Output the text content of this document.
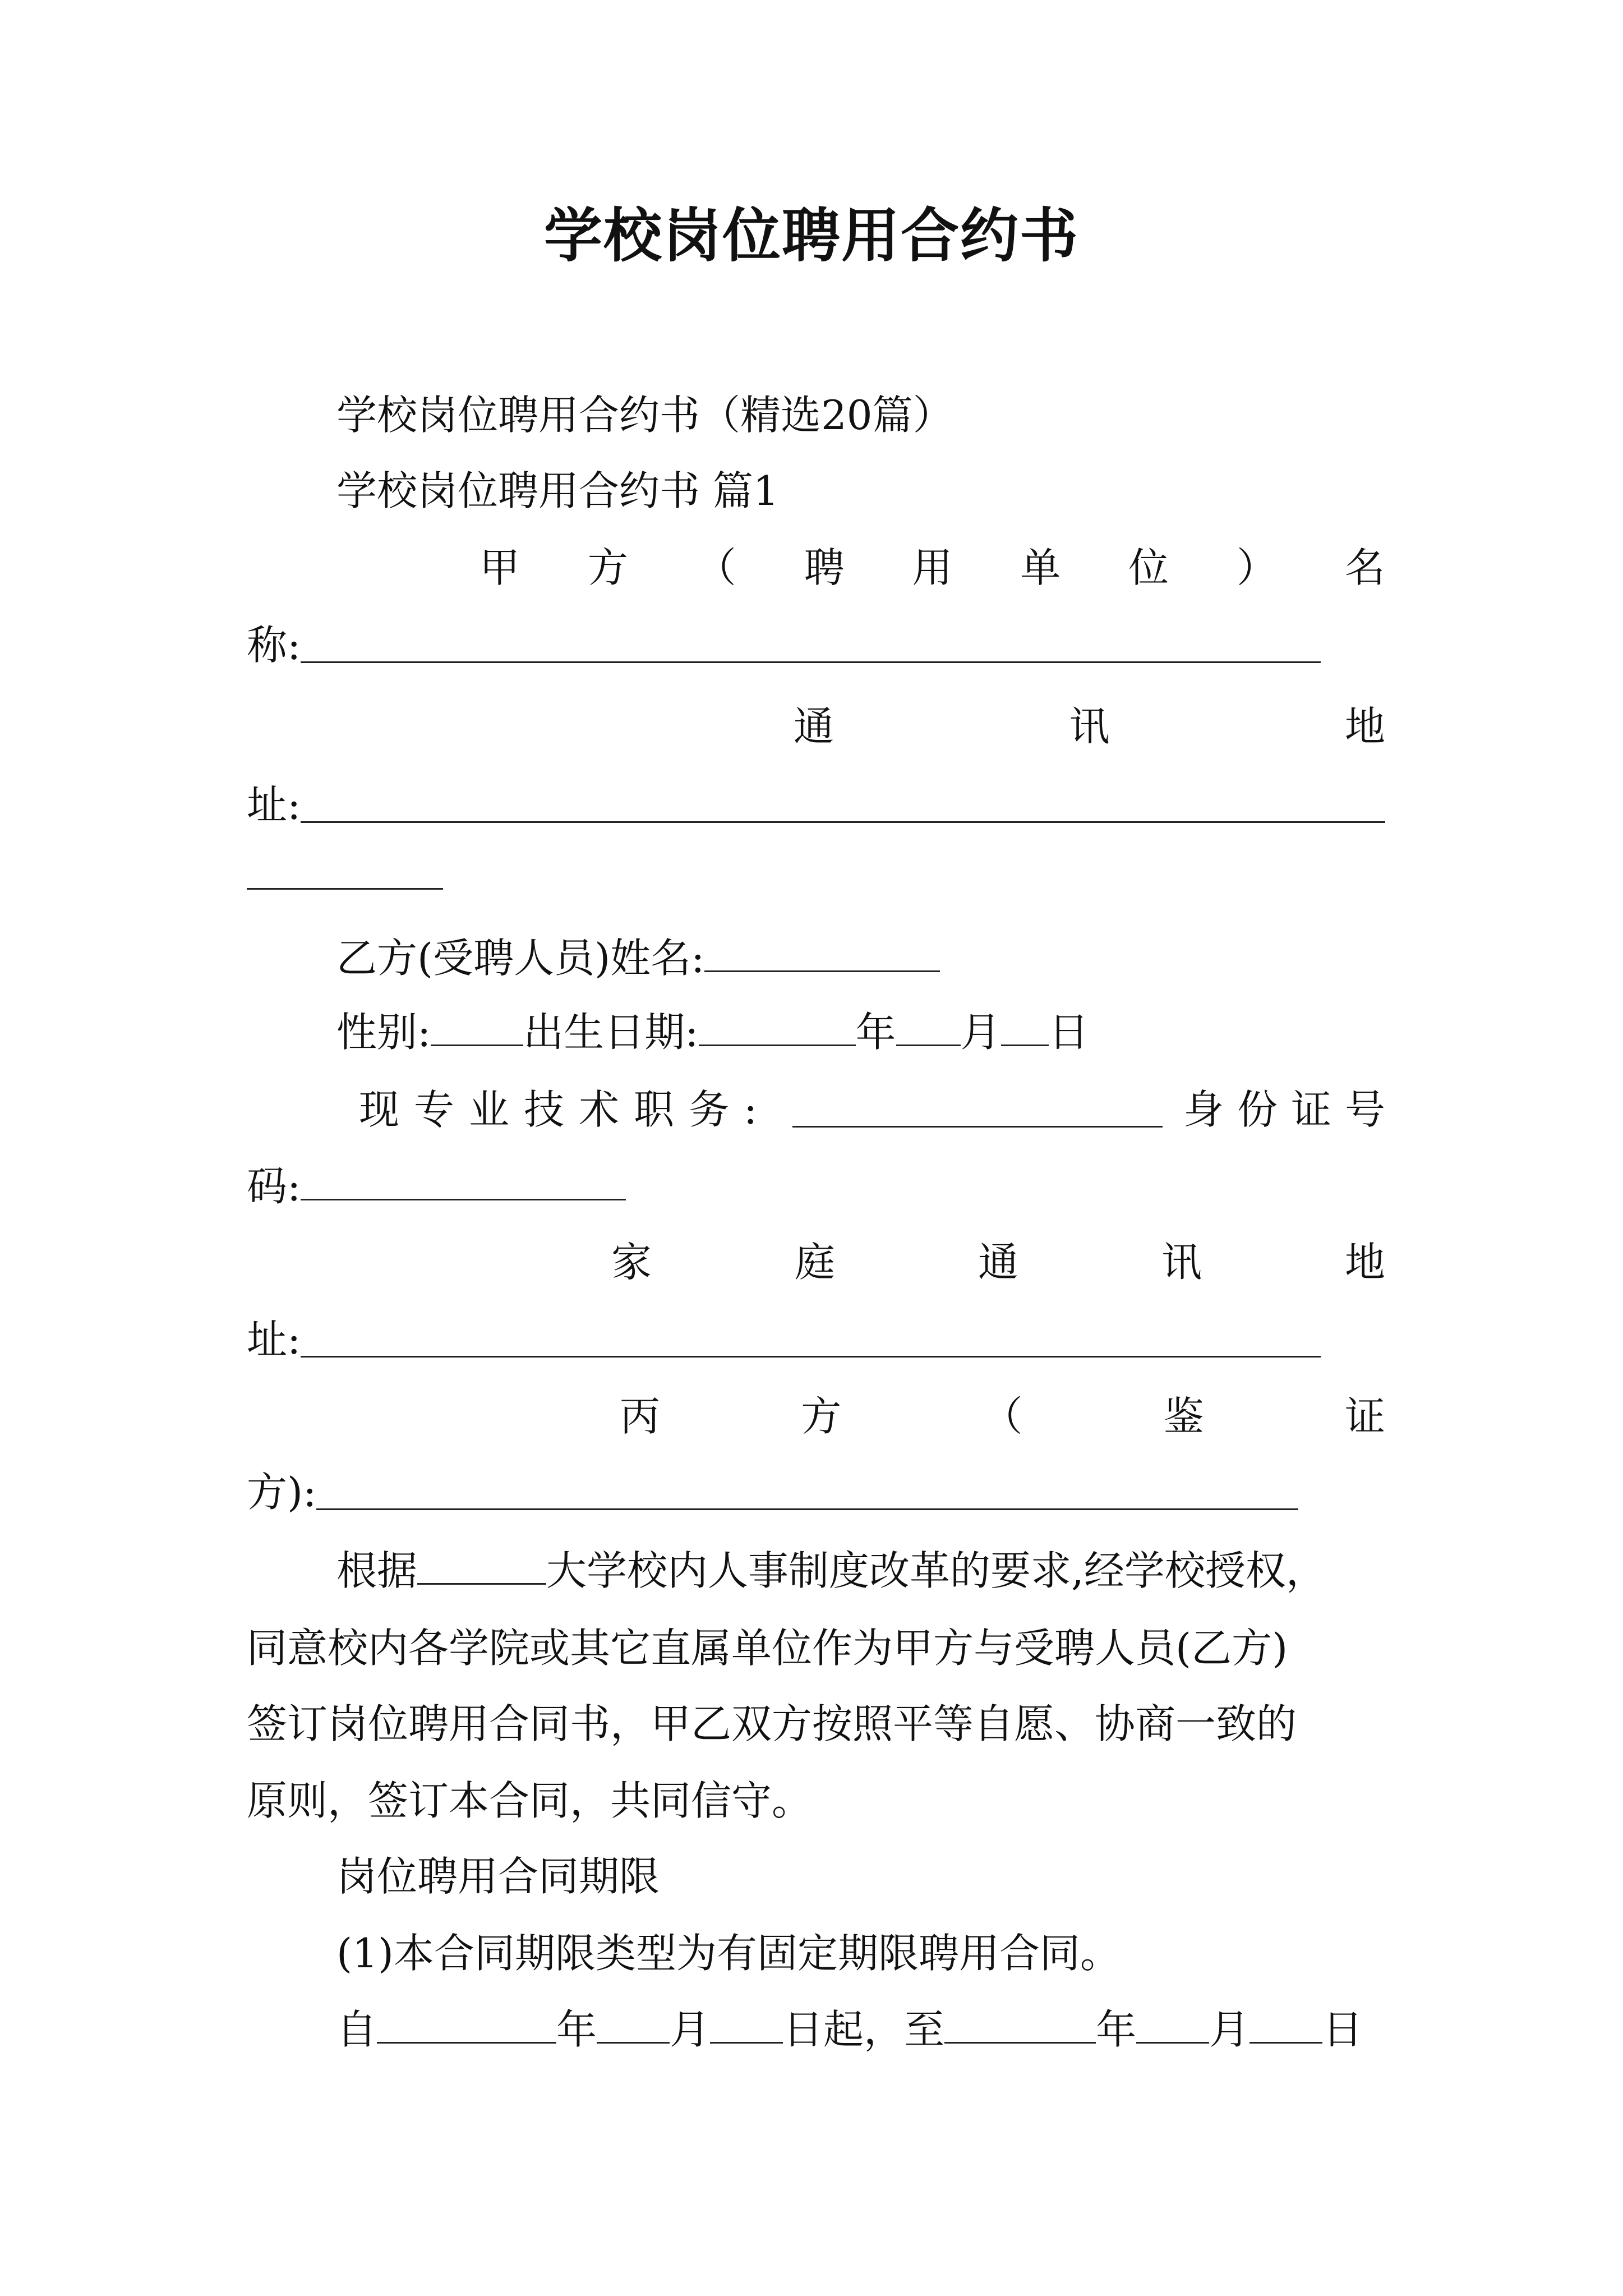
学校岗位聘用合约书
学校岗位聘用合约书（精选20篇）
学校岗位聘用合约书 篇1
甲 方 （ 聘 用 单 位 ） 名
称:
通	讯	地
址:
乙方(受聘人员)姓名:
性别: 出生日期:	年 月 日
现专业技术职务:	身份证号
码:
家	庭	通	讯	地
址:
丙	方	（	鉴	证
方):
根据	大学校内人事制度改革的要求,经学校授权，
同意校内各学院或其它直属单位作为甲方与受聘人员(乙方)
签订岗位聘用合同书，甲乙双方按照平等自愿、协商一致的
原则，签订本合同，共同信守。
岗位聘用合同期限
(1)本合同期限类型为有固定期限聘用合同。
自	年 月 日起，至	年 月 日
